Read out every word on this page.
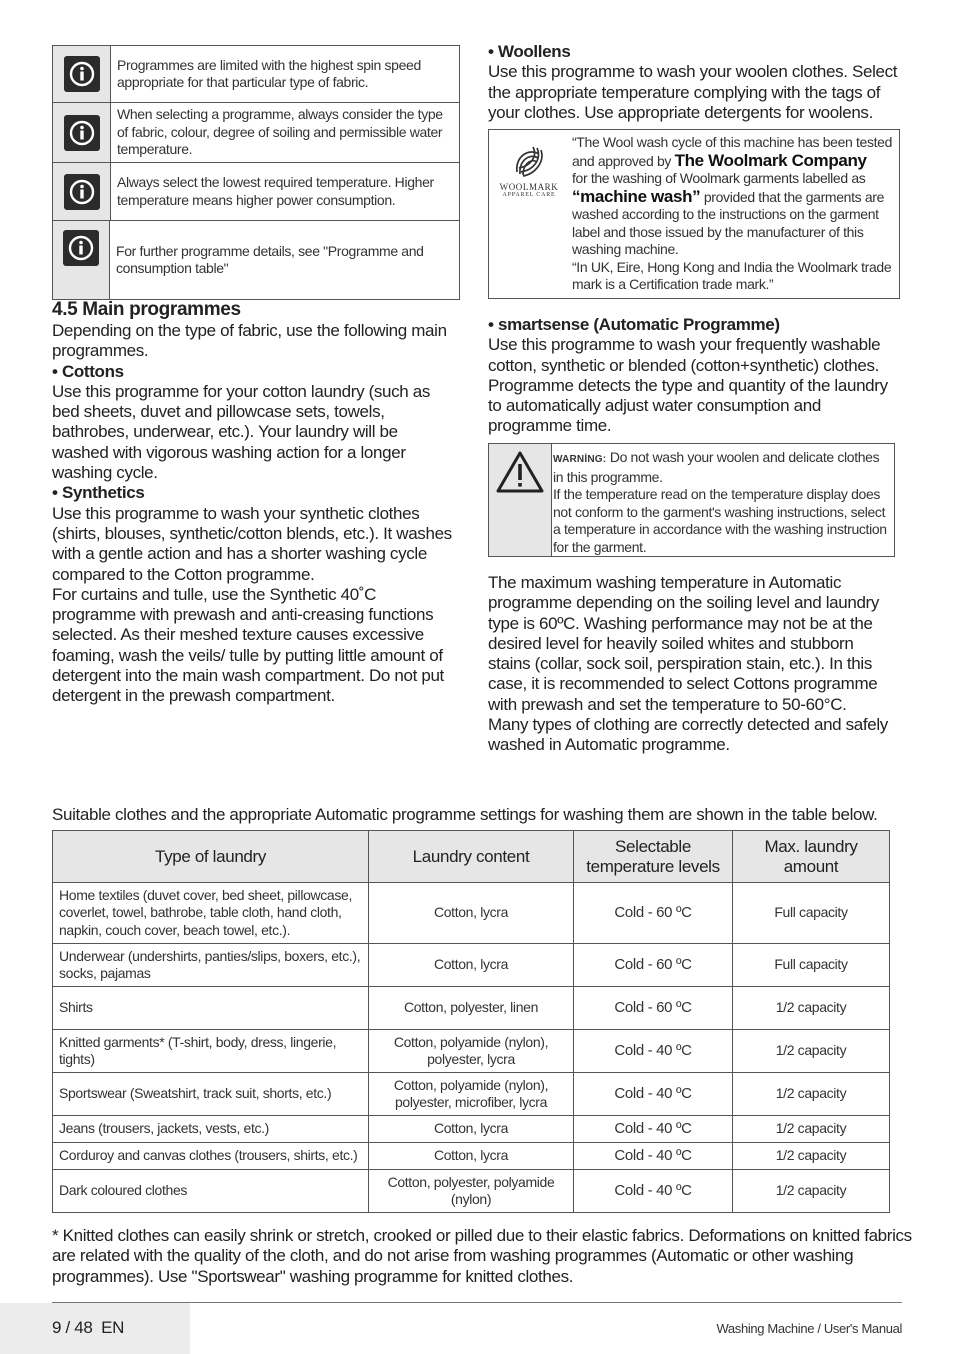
Programmes are limited with the highest spin speed appropriate for that particular type of fabric.
When selecting a programme, always consider the type of fabric, colour, degree of soiling and permissible water temperature.
Always select the lowest required temperature. Higher temperature means higher power consumption.
For further programme details, see "Programme and consumption table"

4.5 Main programmes

Depending on the type of fabric, use the following main programmes.

• Cottons

Use this programme for your cotton laundry (such as bed sheets, duvet and pillowcase sets, towels, bathrobes, underwear, etc.). Your laundry will be washed with vigorous washing action for a longer washing cycle.

• Synthetics

Use this programme to wash your synthetic clothes (shirts, blouses, synthetic/cotton blends, etc.). It washes with a gentle action and has a shorter washing cycle compared to the Cotton programme.

For curtains and tulle, use the Synthetic 40˚C programme with prewash and anti-creasing functions selected. As their meshed texture causes excessive foaming, wash the veils/ tulle by putting little amount of detergent into the main wash compartment. Do not put detergent in the prewash compartment.

• Woollens

Use this programme to wash your woolen clothes. Select the appropriate temperature complying with the tags of your clothes. Use appropriate detergents for woolens.

WOOLMARK
APPAREL CARE
“The Wool wash cycle of this machine has been tested and approved by The Woolmark Company
for the washing of Woolmark garments labelled as
“machine wash” provided that the garments are washed according to the instructions on the garment label and those issued by the manufacturer of this washing machine.
“In UK, Eire, Hong Kong and India the Woolmark trade mark is a Certification trade mark.”

• smartsense (Automatic Programme)

Use this programme to wash your frequently washable cotton, synthetic or blended (cotton+synthetic) clothes. Programme detects the type and quantity of the laundry to automatically adjust water consumption and programme time.

WARNİNG: Do not wash your woolen and delicate clothes in this programme.
If the temperature read on the temperature display does not conform to the garment's washing instructions, select a temperature in accordance with the washing instruction for the garment.

The maximum washing temperature in Automatic programme depending on the soiling level and laundry type is 60ºC. Washing performance may not be at the desired level for heavily soiled whites and stubborn stains (collar, sock soil, perspiration stain, etc.). In this case, it is recommended to select Cottons programme with prewash and set the temperature to 50-60°C.

Many types of clothing are correctly detected and safely washed in Automatic programme.

Suitable clothes and the appropriate Automatic programme settings for washing them are shown in the table below.
Type of laundry	Laundry content	Selectable temperature levels	Max. laundry amount
Home textiles (duvet cover, bed sheet, pillowcase, coverlet, towel, bathrobe, table cloth, hand cloth, napkin, couch cover, beach towel, etc.).	Cotton, lycra	Cold - 60 ºC	Full capacity
Underwear (undershirts, panties/slips, boxers, etc.), socks, pajamas	Cotton, lycra	Cold - 60 ºC	Full capacity
Shirts	Cotton, polyester, linen	Cold - 60 ºC	1/2 capacity
Knitted garments* (T-shirt, body, dress, lingerie, tights)	Cotton, polyamide (nylon), polyester, lycra	Cold - 40 ºC	1/2 capacity
Sportswear (Sweatshirt, track suit, shorts, etc.)	Cotton, polyamide (nylon), polyester, microfiber, lycra	Cold - 40 ºC	1/2 capacity
Jeans (trousers, jackets, vests, etc.)	Cotton, lycra	Cold - 40 ºC	1/2 capacity
Corduroy and canvas clothes (trousers, shirts, etc.)	Cotton, lycra	Cold - 40 ºC	1/2 capacity
Dark coloured clothes	Cotton, polyester, polyamide (nylon)	Cold - 40 ºC	1/2 capacity
* Knitted clothes can easily shrink or stretch, crooked or pilled due to their elastic fabrics. Deformations on knitted fabrics are related with the quality of the cloth, and do not arise from washing programmes (Automatic or other washing programmes). Use "Sportswear" washing programme for knitted clothes.
9 / 48  EN	Washing Machine / User's Manual
